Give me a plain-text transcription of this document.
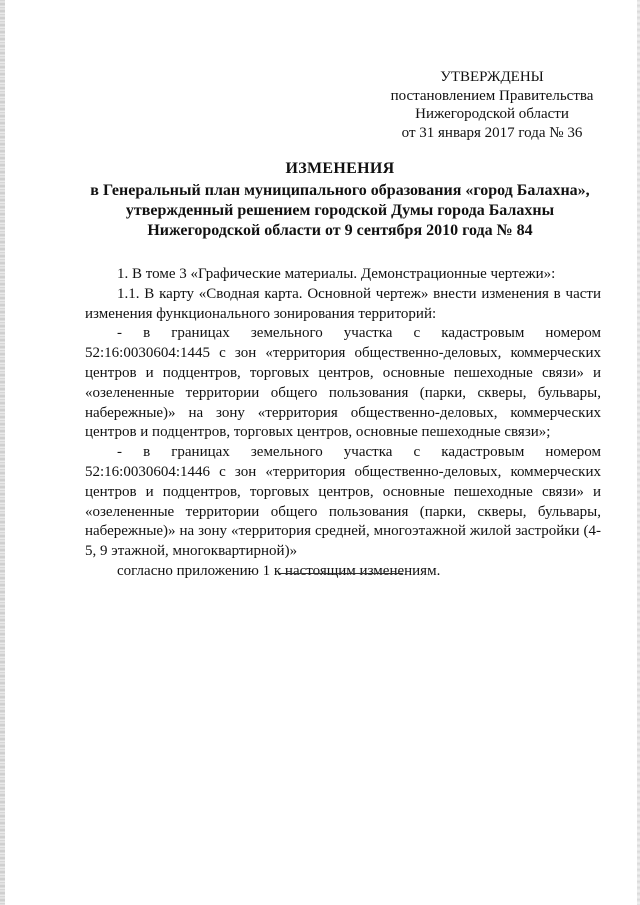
УТВЕРЖДЕНЫ
постановлением Правительства
Нижегородской области
от 31 января 2017 года № 36
ИЗМЕНЕНИЯ
в Генеральный план муниципального образования «город Балахна»,
утвержденный решением городской Думы города Балахны
Нижегородской области от 9 сентября 2010 года № 84
1. В томе 3 «Графические материалы. Демонстрационные чертежи»:
1.1. В карту «Сводная карта. Основной чертеж» внести изменения в части
изменения функционального зонирования территорий:
- в границах земельного участка с кадастровым номером
52:16:0030604:1445 с зон «территория общественно-деловых, коммерческих
центров и подцентров, торговых центров, основные пешеходные связи» и
«озелененные территории общего пользования (парки, скверы, бульвары,
набережные)» на зону «территория общественно-деловых, коммерческих
центров и подцентров, торговых центров, основные пешеходные связи»;
- в границах земельного участка с кадастровым номером
52:16:0030604:1446 с зон «территория общественно-деловых, коммерческих
центров и подцентров, торговых центров, основные пешеходные связи» и
«озелененные территории общего пользования (парки, скверы, бульвары,
набережные)» на зону «территория средней, многоэтажной жилой застройки (4-
5, 9 этажной, многоквартирной)»
согласно приложению 1 к настоящим изменениям.
